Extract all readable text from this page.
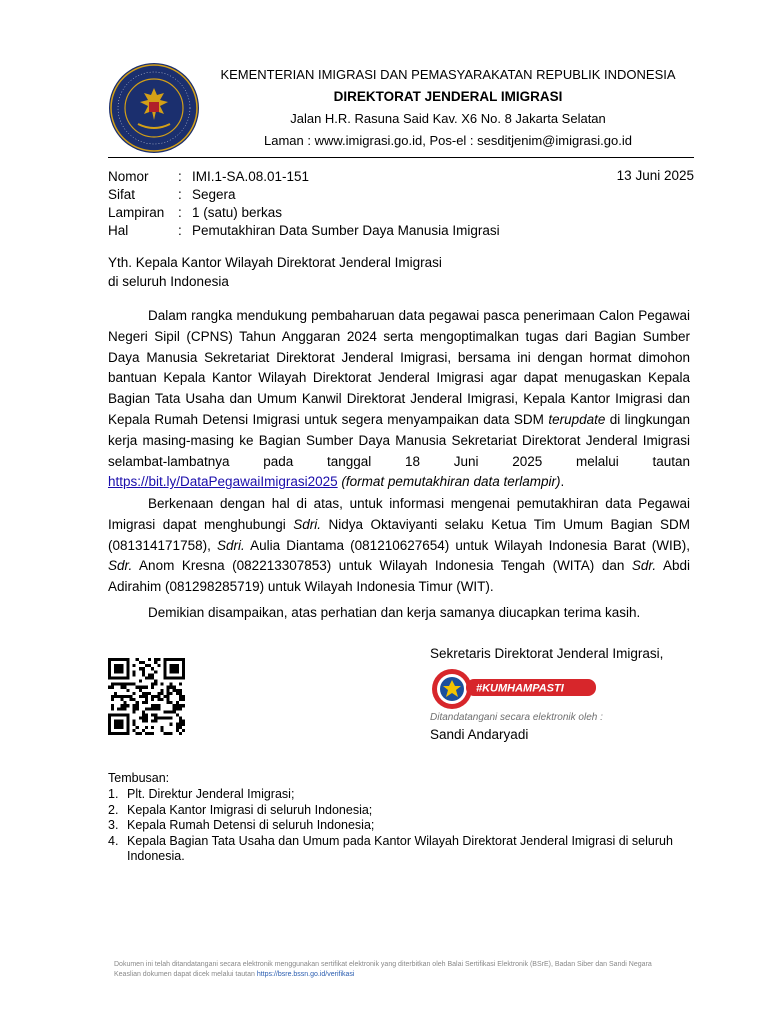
KEMENTERIAN IMIGRASI DAN PEMASYARAKATAN REPUBLIK INDONESIA
DIREKTORAT JENDERAL IMIGRASI
Jalan H.R. Rasuna Said Kav. X6 No. 8 Jakarta Selatan
Laman : www.imigrasi.go.id, Pos-el : sesditjenim@imigrasi.go.id
Nomor : IMI.1-SA.08.01-151
Sifat	: Segera
Lampiran : 1 (satu) berkas
Hal	: Pemutakhiran Data Sumber Daya Manusia Imigrasi
13 Juni 2025
Yth. Kepala Kantor Wilayah Direktorat Jenderal Imigrasi
di seluruh Indonesia
Dalam rangka mendukung pembaharuan data pegawai pasca penerimaan Calon Pegawai Negeri Sipil (CPNS) Tahun Anggaran 2024 serta mengoptimalkan tugas dari Bagian Sumber Daya Manusia Sekretariat Direktorat Jenderal Imigrasi, bersama ini dengan hormat dimohon bantuan Kepala Kantor Wilayah Direktorat Jenderal Imigrasi agar dapat menugaskan Kepala Bagian Tata Usaha dan Umum Kanwil Direktorat Jenderal Imigrasi, Kepala Kantor Imigrasi dan Kepala Rumah Detensi Imigrasi untuk segera menyampaikan data SDM terupdate di lingkungan kerja masing-masing ke Bagian Sumber Daya Manusia Sekretariat Direktorat Jenderal Imigrasi selambat-lambatnya pada tanggal 18 Juni 2025 melalui tautan https://bit.ly/DataPegawaiImigrasi2025 (format pemutakhiran data terlampir).
Berkenaan dengan hal di atas, untuk informasi mengenai pemutakhiran data Pegawai Imigrasi dapat menghubungi Sdri. Nidya Oktaviyanti selaku Ketua Tim Umum Bagian SDM (081314171758), Sdri. Aulia Diantama (081210627654) untuk Wilayah Indonesia Barat (WIB), Sdr. Anom Kresna (082213307853) untuk Wilayah Indonesia Tengah (WITA) dan Sdr. Abdi Adirahim (081298285719) untuk Wilayah Indonesia Timur (WIT).
Demikian disampaikan, atas perhatian dan kerja samanya diucapkan terima kasih.
Sekretaris Direktorat Jenderal Imigrasi,
#KUMHAMPASTI
Ditandatangani secara elektronik oleh :
Sandi Andaryadi
Tembusan:
1. Plt. Direktur Jenderal Imigrasi;
2. Kepala Kantor Imigrasi di seluruh Indonesia;
3. Kepala Rumah Detensi di seluruh Indonesia;
4. Kepala Bagian Tata Usaha dan Umum pada Kantor Wilayah Direktorat Jenderal Imigrasi di seluruh Indonesia.
Dokumen ini telah ditandatangani secara elektronik menggunakan sertifikat elektronik yang diterbitkan oleh Balai Sertifikasi Elektronik (BSrE), Badan Siber dan Sandi Negara
Keaslian dokumen dapat dicek melalui tautan https://bsre.bssn.go.id/verifikasi
